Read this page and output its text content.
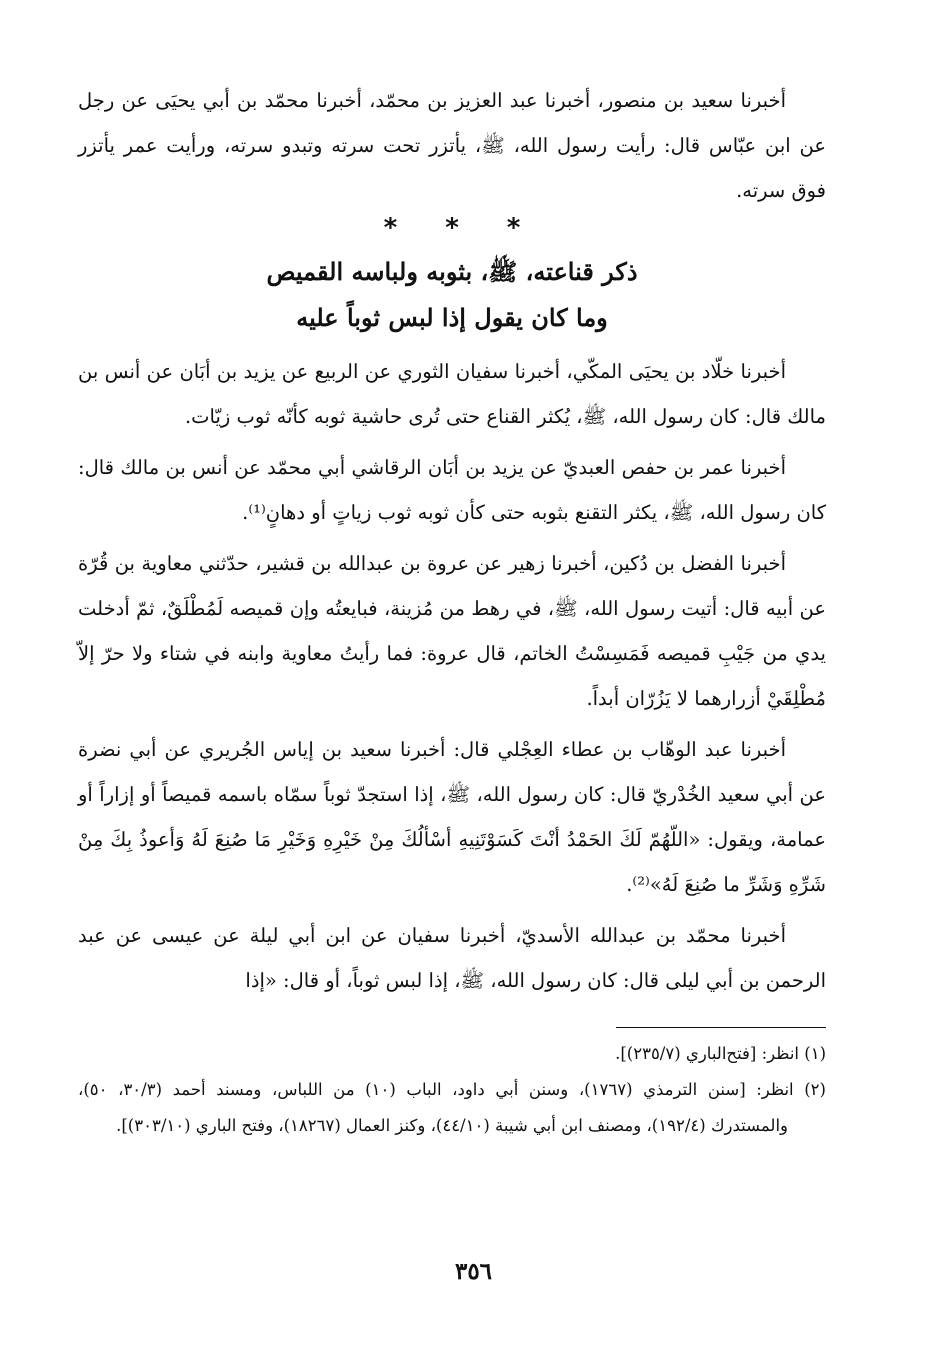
أخبرنا سعيد بن منصور، أخبرنا عبد العزيز بن محمّد، أخبرنا محمّد بن أبي يحيَى عن رجل عن ابن عبّاس قال: رأيت رسول الله، ﷺ، يأتزر تحت سرته وتبدو سرته، ورأيت عمر يأتزر فوق سرته.

***
ذكر قناعته، ﷺ، بثوبه ولباسه القميص
وما كان يقول إذا لبس ثوباً عليه

أخبرنا خلّاد بن يحيَى المكّي، أخبرنا سفيان الثوري عن الربيع عن يزيد بن أبَان عن أنس بن مالك قال: كان رسول الله، ﷺ، يُكثر القناع حتى تُرى حاشية ثوبه كأنّه ثوب زيّات.

أخبرنا عمر بن حفص العبديّ عن يزيد بن أبَان الرقاشي أبي محمّد عن أنس بن مالك قال: كان رسول الله، ﷺ، يكثر التقنع بثوبه حتى كأن ثوبه ثوب زياتٍ أو دهانٍ⁽¹⁾.

أخبرنا الفضل بن دُكين، أخبرنا زهير عن عروة بن عبدالله بن قشير، حدّثني معاوية بن قُرّة عن أبيه قال: أتيت رسول الله، ﷺ، في رهط من مُزينة، فبايعتُه وإن قميصه لَمُطْلَقٌ، ثمّ أدخلت يدي من جَيْبِ قميصه فَمَسِسْتُ الخاتم، قال عروة: فما رأيتُ معاوية وابنه في شتاء ولا حرّ إلاّ مُطْلِقَيْ أزرارهما لا يَزُرّان أبداً.

أخبرنا عبد الوهّاب بن عطاء العِجْلي قال: أخبرنا سعيد بن إياس الجُريري عن أبي نضرة عن أبي سعيد الخُدْريّ قال: كان رسول الله، ﷺ، إذا استجدّ ثوباً سمّاه باسمه قميصاً أو إزاراً أو عمامة، ويقول: «اللّهُمّ لَكَ الحَمْدُ أنْتَ كَسَوْتَنِيهِ أسْألُكَ مِنْ خَيْرِهِ وَخَيْرِ مَا صُنِعَ لَهُ وَأعوذُ بِكَ مِنْ شَرِّهِ وَشَرِّ ما صُنِعَ لَهُ»⁽²⁾.

أخبرنا محمّد بن عبدالله الأسديّ، أخبرنا سفيان عن ابن أبي ليلة عن عيسى عن عبد الرحمن بن أبي ليلى قال: كان رسول الله، ﷺ، إذا لبس ثوباً، أو قال: «إذا

(١) انظر: [فتح‌الباري (٢٣٥/٧)].

(٢) انظر: [سنن الترمذي (١٧٦٧)، وسنن أبي داود، الباب (١٠) من اللباس، ومسند أحمد (٣٠/٣، ٥٠)، والمستدرك (١٩٢/٤)، ومصنف ابن أبي شيبة (٤٤/١٠)، وكنز العمال (١٨٢٦٧)، وفتح الباري (٣٠٣/١٠)].

٣٥٦
